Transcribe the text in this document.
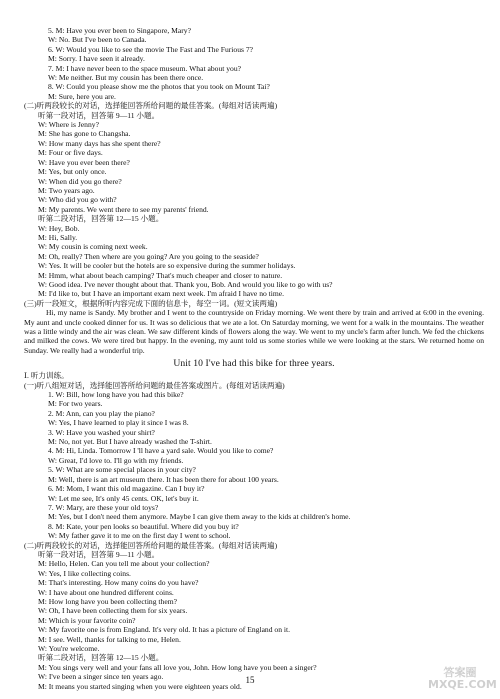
5. M: Have you ever been to Singapore, Mary?
W: No. But I've been to Canada.
6. W: Would you like to see the movie The Fast and The Furious 7?
M: Sorry. I have seen it already.
7. M: I have never been to the space museum. What about you?
W: Me neither. But my cousin has been there once.
8. W: Could you please show me the photos that you took on Mount Tai?
M: Sure, here you are.
(二)听两段较长的对话，选择能回答所给问题的最佳答案。(每组对话读两遍)
听第一段对话，回答第 9—11 小题。
W: Where is Jenny?
M: She has gone to Changsha.
W: How many days has she spent there?
M: Four or five days.
W: Have you ever been there?
M: Yes, but only once.
W: When did you go there?
M: Two years ago.
W: Who did you go with?
M: My parents. We went there to see my parents' friend.
听第二段对话，回答第 12—15 小题。
W: Hey, Bob.
M: Hi, Sally.
W: My cousin is coming next week.
M: Oh, really? Then where are you going? Are you going to the seaside?
W: Yes. It will be cooler but the hotels are so expensive during the summer holidays.
M: Hmm, what about beach camping? That's much cheaper and closer to nature.
W: Good idea. I've never thought about that. Thank you, Bob. And would you like to go with us?
M: I'd like to, but I have an important exam next week. I'm afraid I have no time.
(三)听一段短文，根据所听内容完成下面的信息卡，每空一词。(短文读两遍)
Hi, my name is Sandy. My brother and I went to the countryside on Friday morning. We went there by train and arrived at 6:00 in the evening. My aunt and uncle cooked dinner for us. It was so delicious that we ate a lot. On Saturday morning, we went for a walk in the mountains. The weather was a little windy and the air was clean. We saw different kinds of flowers along the way. We went to my uncle's farm after lunch. We fed the chickens and milked the cows. We were tired but happy. In the evening, my aunt told us some stories while we were looking at the stars. We returned home on Sunday. We really had a wonderful trip.
Unit 10 I've had this bike for three years.
Ⅰ. 听力训练。
(一)听八组短对话，选择能回答所给问题的最佳答案或图片。(每组对话读两遍)
1. W: Bill, how long have you had this bike?
M: For two years.
2. M: Ann, can you play the piano?
W: Yes, I have learned to play it since I was 8.
3. W: Have you washed your shirt?
M: No, not yet. But I have already washed the T-shirt.
4. M: Hi, Linda. Tomorrow I 'll have a yard sale. Would you like to come?
W: Great, I'd love to. I'll go with my friends.
5. W: What are some special places in your city?
M: Well, there is an art museum there. It has been there for about 100 years.
6. M: Mom, I want this old magazine. Can I buy it?
W: Let me see, It's only 45 cents. OK, let's buy it.
7. W: Mary, are these your old toys?
M: Yes, but I don't need them anymore. Maybe I can give them away to the kids at children's home.
8. M: Kate, your pen looks so beautiful. Where did you buy it?
W: My father gave it to me on the first day I went to school.
(二)听两段较长的对话，选择能回答所给问题的最佳答案。(每组对话读两遍)
听第一段对话，回答第 9—11 小题。
M: Hello, Helen. Can you tell me about your collection?
W: Yes, I like collecting coins.
M: That's interesting. How many coins do you have?
W: I have about one hundred different coins.
M: How long have you been collecting them?
W: Oh, I have been collecting them for six years.
M: Which is your favorite coin?
W: My favorite one is from England. It's very old. It has a picture of England on it.
M: I see. Well, thanks for talking to me, Helen.
W: You're welcome.
听第二段对话，回答第 12—15 小题。
M: You sings very well and your fans all love you, John. How long have you been a singer?
W: I've been a singer since ten years ago.
M: It means you started singing when you were eighteen years old.
15
答案圈 MXQE.COM
